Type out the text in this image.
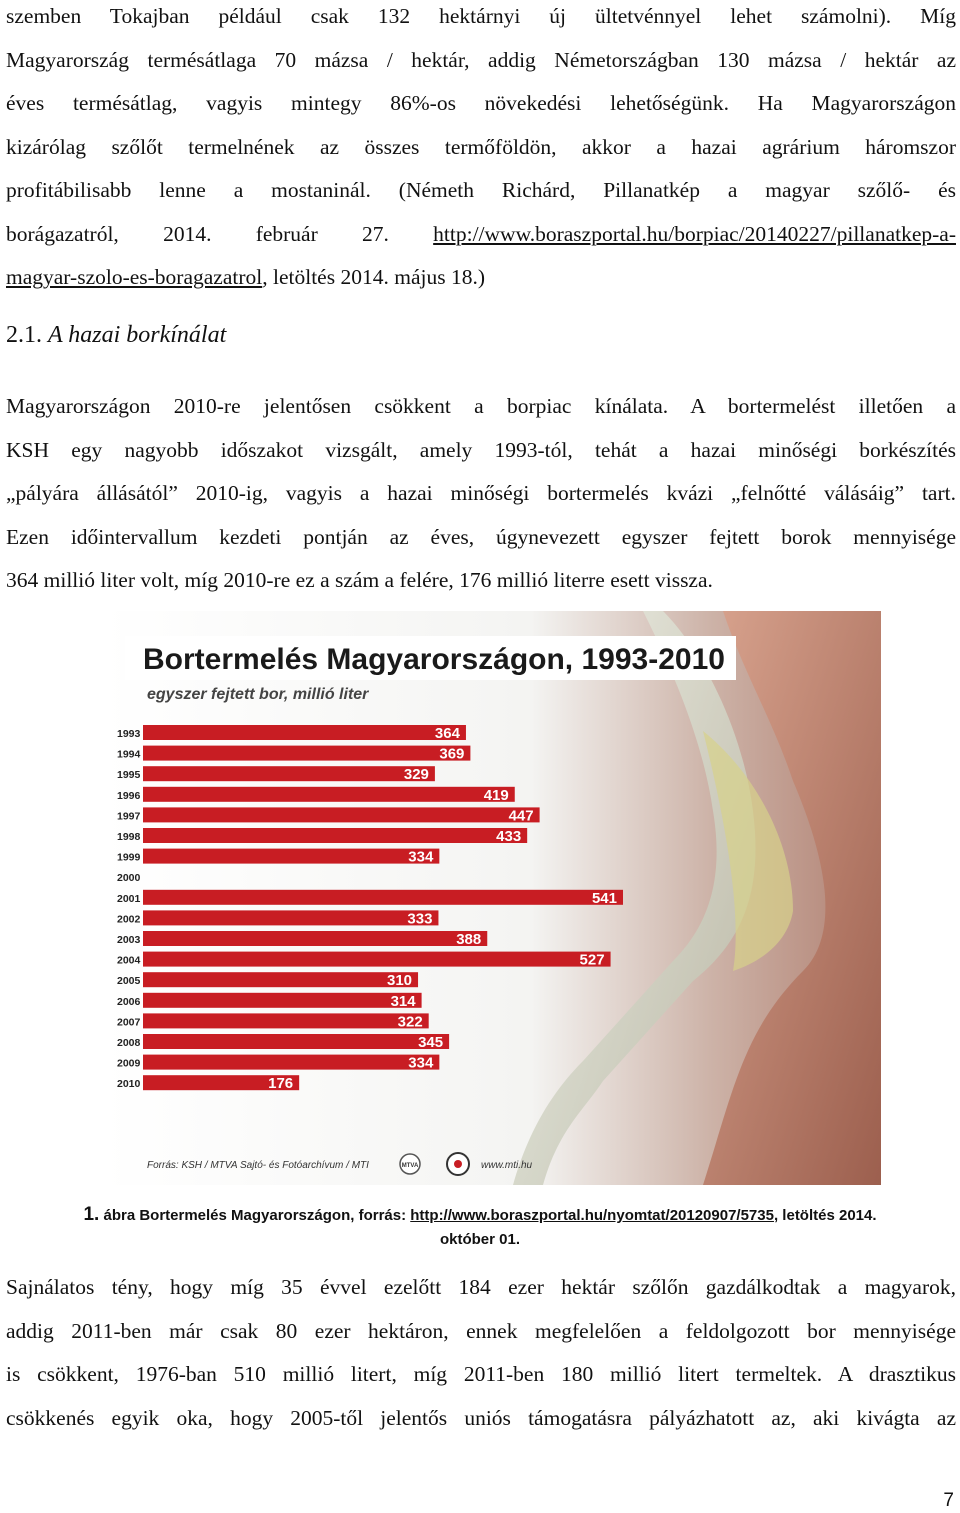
szemben Tokajban például csak 132 hektárnyi új ültetvénnyel lehet számolni). Míg
Magyarország termésátlaga 70 mázsa / hektár, addig Németországban 130 mázsa / hektár az
éves termésátlag, vagyis mintegy 86%-os növekedési lehetőségünk. Ha Magyarországon
kizárólag szőlőt termelnének az összes termőföldön, akkor a hazai agrárium háromszor
profitábilisabb lenne a mostaninál. (Németh Richárd, Pillanatkép a magyar szőlő- és
borágazatról, 2014. február 27. http://www.boraszportal.hu/borpiac/20140227/pillanatkep-a-
magyar-szolo-es-boragazatrol, letöltés 2014. május 18.)
2.1. A hazai borkínálat
Magyarországon 2010-re jelentősen csökkent a borpiac kínálata. A bortermelést illetően a
KSH egy nagyobb időszakot vizsgált, amely 1993-tól, tehát a hazai minőségi borkészítés
„pályára állásától” 2010-ig, vagyis a hazai minőségi bortermelés kvázi „felnőtté válásáig” tart.
Ezen időintervallum kezdeti pontján az éves, úgynevezett egyszer fejtett borok mennyisége
364 millió liter volt, míg 2010-re ez a szám a felére, 176 millió literre esett vissza.
Bortermelés Magyarországon, 1993-2010
egyszer fejtett bor, millió liter
1993	364
1994	369
1995	329
1996	419
1997	447
1998	433
1999	334
2000
2001	541
2002	333
2003	388
2004	527
2005	310
2006	314
2007	322
2008	345
2009	334
2010	176
Forrás: KSH / MTVA Sajtó- és Fotóarchívum / MTI	MTVA	www.mti.hu
1. ábra Bortermelés Magyarországon, forrás: http://www.boraszportal.hu/nyomtat/20120907/5735, letöltés 2014.
október 01.
Sajnálatos tény, hogy míg 35 évvel ezelőtt 184 ezer hektár szőlőn gazdálkodtak a magyarok,
addig 2011-ben már csak 80 ezer hektáron, ennek megfelelően a feldolgozott bor mennyisége
is csökkent, 1976-ban 510 millió litert, míg 2011-ben 180 millió litert termeltek. A drasztikus
csökkenés egyik oka, hogy 2005-től jelentős uniós támogatásra pályázhatott az, aki kivágta az
7
